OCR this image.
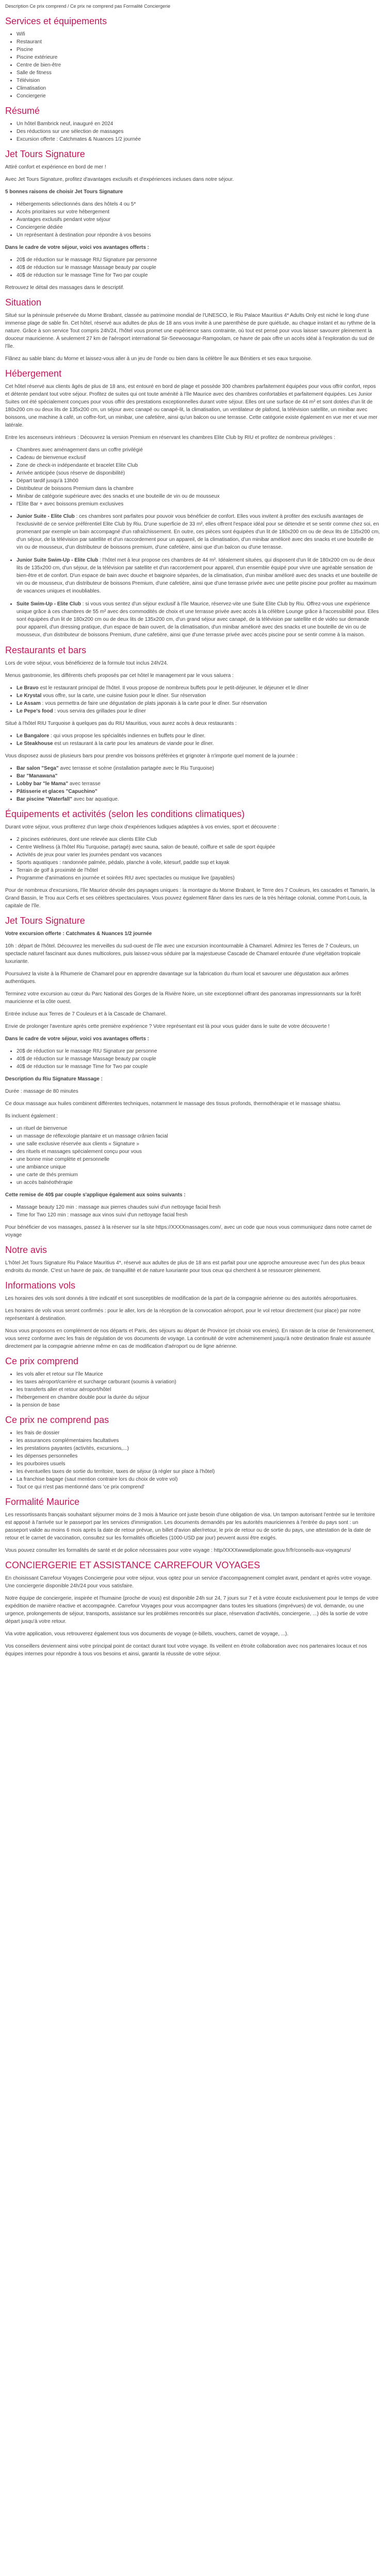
Description Ce prix comprend / Ce prix ne comprend pas Formalité Conciergerie
Services et équipements
• Wifi
• Restaurant
• Piscine
• Piscine extérieure
• Centre de bien-être
• Salle de fitness
• Télévision
• Climatisation
• Conciergerie
Résumé
• Un hôtel Bambrick neuf, inauguré en 2024
• Des réductions sur une sélection de massages
• Excursion offerte : Catchmates & Nuances 1/2 journée
Jet Tours Signature

Attiré confort et expérience en bord de mer !

Avec Jet Tours Signature, profitez d'avantages exclusifs et d'expériences incluses dans notre séjour.

5 bonnes raisons de choisir Jet Tours Signature

• Hébergements sélectionnés dans des hôtels 4 ou 5*
• Accès prioritaires sur votre hébergement
• Avantages exclusifs pendant votre séjour
• Conciergerie dédiée
• Un représentant à destination pour répondre à vos besoins

Dans le cadre de votre séjour, voici vos avantages offerts :

• 20$ de réduction sur le massage RIU Signature par personne
• 40$ de réduction sur le massage Massage beauty par couple
• 40$ de réduction sur le massage Time for Two par couple

Retrouvez le détail des massages dans le descriptif.

Situation

Situé sur la péninsule préservée du Morne Brabant, classée au patrimoine mondial de l'UNESCO, le Riu Palace Mauritius 4* Adults Only est niché le long d'une immense plage de sable fin. Cet hôtel, réservé aux adultes de plus de 18 ans vous invite à une parenthèse de pure quiétude, au chaque instant et au rythme de la nature. Grâce à son service Tout compris 24h/24, l'hôtel vous promet une expérience sans contrainte, où tout est pensé pour vous laisser savourer pleinement la douceur mauricienne. À seulement 27 km de l'aéroport international Sir-Seewoosagur-Ramgoolam, ce havre de paix offre un accès idéal à l'exploration du sud de l'île.

Flânez au sable blanc du Morne et laissez-vous aller à un jeu de l'onde ou bien dans la célèbre Île aux Bénitiers et ses eaux turquoise.

Hébergement

Cet hôtel réservé aux clients âgés de plus de 18 ans, est entouré en bord de plage et possède 300 chambres parfaitement équipées pour vous offrir confort, repos et détente pendant tout votre séjour. Profitez de suites qui ont toute aménité à l'île Maurice avec des chambres confortables et parfaitement équipées. Les Junior Suites ont été spécialement conçues pour vous offrir des prestations exceptionnelles durant votre séjour. Elles ont une surface de 44 m² et sont dotées d'un lit de 180x200 cm ou deux lits de 135x200 cm, un séjour avec canapé ou canapé-lit, la climatisation, un ventilateur de plafond, la télévision satellite, un minibar avec boissons, une machine à café, un coffre-fort, un minibar, une cafetière, ainsi qu'un balcon ou une terrasse. Cette catégorie existe également en vue mer et vue mer latérale.

Entre les ascenseurs intérieurs : Découvrez la version Premium en réservant les chambres Elite Club by RIU et profitez de nombreux privilèges :

• Chambres avec aménagement dans un coffre privilégié
• Cadeau de bienvenue exclusif
• Zone de check-in indépendante et bracelet Elite Club
• Arrivée anticipée (sous réserve de disponibilité)
• Départ tardif jusqu'à 13h00
• Distributeur de boissons Premium dans la chambre
• Minibar de catégorie supérieure avec des snacks et une bouteille de vin ou de mousseux
• l'Elite Bar + avec boissons premium exclusives
• Junior Suite - Elite Club : ces chambres sont parfaites pour pouvoir vous bénéficier de confort. Elles vous invitent à profiter des exclusifs avantages de l'exclusivité de ce service préférentiel Elite Club by Riu. D'une superficie de 33 m², elles offrent l'espace idéal pour se détendre et se sentir comme chez soi, en promenant par exemple un bain accompagné d'un rafraîchissement. En outre, ces pièces sont équipées d'un lit de 180x200 cm ou de deux lits de 135x200 cm, d'un séjour, de la télévision par satellite et d'un raccordement pour un appareil, de la climatisation, d'un minibar amélioré avec des snacks et une bouteille de vin ou de mousseux, d'un distributeur de boissons premium, d'une cafetière, ainsi que d'un balcon ou d'une terrasse.
• Junior Suite Swim-Up - Elite Club : l'hôtel met à leur propose ces chambres de 44 m². Idéalement situées, qui disposent d'un lit de 180x200 cm ou de deux lits de 135x200 cm, d'un séjour, de la télévision par satellite et d'un raccordement pour appareil, d'un ensemble équipé pour vivre une agréable sensation de bien-être et de confort. D'un espace de bain avec douche et baignoire séparées, de la climatisation, d'un minibar amélioré avec des snacks et une bouteille de vin ou de mousseux, d'un distributeur de boissons Premium, d'une cafetière, ainsi que d'une terrasse privée avec une petite piscine pour profiter au maximum de vacances uniques et inoubliables.
• Suite Swim-Up - Elite Club : si vous vous sentez d'un séjour exclusif à l'île Maurice, réservez-vite une Suite Elite Club by Riu. Offrez-vous une expérience unique grâce à ces chambres de 55 m² avec des commodités de choix et une terrasse privée avec accès à la célèbre Lounge grâce à l'accessibilité pour. Elles sont équipées d'un lit de 180x200 cm ou de deux lits de 135x200 cm, d'un grand séjour avec canapé, de la télévision par satellite et de vidéo sur demande pour appareil, d'un dressing pratique, d'un espace de bain ouvert, de la climatisation, d'un minibar amélioré avec des snacks et une bouteille de vin ou de mousseux, d'un distributeur de boissons Premium, d'une cafetière, ainsi que d'une terrasse privée avec accès piscine pour se sentir comme à la maison.
Restaurants et bars

Lors de votre séjour, vous bénéficierez de la formule tout inclus 24h/24.

Menus gastronomie, les différents chefs proposés par cet hôtel le management par le vous saluera :

• Le Bravo est le restaurant principal de l'hôtel. Il vous propose de nombreux buffets pour le petit-déjeuner, le déjeuner et le dîner
• Le Krystal vous offre, sur la carte, une cuisine fusion pour le dîner. Sur réservation
• Le Assam : vous permettra de faire une dégustation de plats japonais à la carte pour le dîner. Sur réservation
• Le Pepe's food : vous servira des grillades pour le dîner

Situé à l'hôtel RIU Turquoise à quelques pas du RIU Mauritius, vous aurez accès à deux restaurants :

• Le Bangalore : qui vous propose les spécialités indiennes en buffets pour le dîner.
• Le Steakhouse est un restaurant à la carte pour les amateurs de viande pour le dîner.

Vous disposez aussi de plusieurs bars pour prendre vos boissons préférées et grignoter à n'importe quel moment de la journée :

• Bar salon "Sega" avec terrasse et scène (installation partagée avec le Riu Turquoise)
• Bar "Manawana"
• Lobby bar "le Mama" avec terrasse
• Pâtisserie et glaces "Capuchino"
• Bar piscine "Waterfall" avec bar aquatique.
Équipements et activités (selon les conditions climatiques)

Durant votre séjour, vous profiterez d'un large choix d'expériences ludiques adaptées à vos envies, sport et découverte :

• 2 piscines extérieures, dont une relevée aux clients Elite Club
• Centre Wellness (à l'hôtel Riu Turquoise, partagé) avec sauna, salon de beauté, coiffure et salle de sport équipée
• Activités de jeux pour varier les journées pendant vos vacances
• Sports aquatiques : randonnée palmée, pédalo, planche à voile, kitesurf, paddle sup et kayak
• Terrain de golf à proximité de l'hôtel
• Programme d'animations en journée et soirées RIU avec spectacles ou musique live (payables)

Pour de nombreux d'excursions, l'île Maurice dévoile des paysages uniques : la montagne du Morne Brabant, le Terre des 7 Couleurs, les cascades et Tamarin, la Grand Bassin, le Trou aux Cerfs et ses célèbres spectaculaires. Vous pouvez également flâner dans les rues de la très héritage colonial, comme Port-Louis, la capitale de l'île.

Jet Tours Signature

Votre excursion offerte : Catchmates & Nuances 1/2 journée

10h : départ de l'hôtel. Découvrez les merveilles du sud-ouest de l'île avec une excursion incontournable à Chamarel. Admirez les Terres de 7 Couleurs, un spectacle naturel fascinant aux dunes multicolores, puis laissez-vous séduire par la majestueuse Cascade de Chamarel entourée d'une végétation tropicale luxuriante.

Poursuivez la visite à la Rhumerie de Chamarel pour en apprendre davantage sur la fabrication du rhum local et savourer une dégustation aux arômes authentiques.

Terminez votre excursion au cœur du Parc National des Gorges de la Rivière Noire, un site exceptionnel offrant des panoramas impressionnants sur la forêt mauricienne et la côte ouest.

Entrée incluse aux Terres de 7 Couleurs et à la Cascade de Chamarel.

Envie de prolonger l'aventure après cette première expérience ? Votre représentant est là pour vous guider dans le suite de votre découverte !

Dans le cadre de votre séjour, voici vos avantages offerts :

• 20$ de réduction sur le massage RIU Signature par personne
• 40$ de réduction sur le massage Massage beauty par couple
• 40$ de réduction sur le massage Time for Two par couple

Description du Riu Signature Massage :

Durée : massage de 80 minutes

Ce doux massage aux huiles combinent différentes techniques, notamment le massage des tissus profonds, thermothérapie et le massage shiatsu.

Ils incluent également :

• un rituel de bienvenue
• un massage de réflexologie plantaire et un massage crânien facial
• une salle exclusive réservée aux clients « Signature »
• des rituels et massages spécialement conçu pour vous
• une bonne mise complète et personnelle
• une ambiance unique
• une carte de thés premium
• un accès balnéothérapie

Cette remise de 40$ par couple s'applique également aux soins suivants :

• Massage beauty 120 min : massage aux pierres chaudes suivi d'un nettoyage facial fresh
• Time for Two 120 min : massage aux vinos suivi d'un nettoyage facial fresh

Pour bénéficier de vos massages, passez à la réserver sur la site https://XXXXmassages.com/, avec un code que nous vous communiquez dans notre carnet de voyage

Notre avis

L'hôtel Jet Tours Signature Riu Palace Mauritius 4*, réservé aux adultes de plus de 18 ans est parfait pour une approche amoureuse avec l'un des plus beaux endroits du monde. C'est un havre de paix, de tranquillité et de nature luxuriante pour tous ceux qui cherchent à se ressourcer pleinement.

Informations vols

Les horaires des vols sont donnés à titre indicatif et sont susceptibles de modification de la part de la compagnie aérienne ou des autorités aéroportuaires.

Les horaires de vols vous seront confirmés : pour le aller, lors de la réception de la convocation aéroport, pour le vol retour directement (sur place) par notre représentant à destination.

Nous vous proposons en complément de nos départs et Paris, des séjours au départ de Province (et choisir vos envies). En raison de la crise de l'environnement, vous serez conforme avec les frais de régulation de vos documents de voyage. La continuité de votre acheminement jusqu'à notre destination finale est assurée directement par la compagnie aérienne même en cas de modification d'aéroport ou de ligne aérienne.

Ce prix comprend
• les vols aller et retour sur l'île Maurice
• les taxes aéroport/carrière et surcharge carburant (soumis à variation)
• les transferts aller et retour aéroport/hôtel
• l'hébergement en chambre double pour la durée du séjour
• la pension de base
Ce prix ne comprend pas
• les frais de dossier
• les assurances complémentaires facultatives
• les prestations payantes (activités, excursions,...)
• les dépenses personnelles
• les pourboires usuels
• les éventuelles taxes de sortie du territoire, taxes de séjour (à régler sur place à l'hôtel)
• La franchise bagage (saut mention contraire lors du choix de votre vol)
• Tout ce qui n'est pas mentionné dans 'ce prix comprend'
Formalité Maurice

Les ressortissants français souhaitant séjourner moins de 3 mois à Maurice ont juste besoin d'une obligation de visa. Un tampon autorisant l'entrée sur le territoire est apposé à l'arrivée sur le passeport par les services d'immigration. Les documents demandés par les autorités mauriciennes à l'entrée du pays sont : un passeport valide au moins 6 mois après la date de retour prévue, un billet d'avion aller/retour, le prix de retour ou de sortie du pays, une attestation de la date de retour et le carnet de vaccination, consultez sur les formalités officielles (1000-USD par jour) peuvent aussi être exigés.

Vous pouvez consulter les formalités de santé et de police nécessaires pour votre voyage : http/XXXXwwwdiplomatie.gouv.fr/fr/conseils-aux-voyageurs/

CONCIERGERIE ET ASSISTANCE CARREFOUR VOYAGES

En choisissant Carrefour Voyages Conciergerie pour votre séjour, vous optez pour un service d'accompagnement complet avant, pendant et après votre voyage. Une conciergerie disponible 24h/24 pour vous satisfaire.

Notre équipe de conciergerie, inspirée et l'humaine (proche de vous) est disponible 24h sur 24, 7 jours sur 7 et à votre écoute exclusivement pour le temps de votre expédition de manière réactive et accompagnée. Carrefour Voyages pour vous accompagner dans toutes les situations (imprévues) de vol, demande, ou une urgence, prolongements de séjour, transports, assistance sur les problèmes rencontrés sur place, réservation d'activités, conciergerie, ...) dès la sortie de votre départ jusqu'à votre retour.

Via votre application, vous retrouverez également tous vos documents de voyage (e-billets, vouchers, carnet de voyage, ...).

Vos conseillers deviennent ainsi votre principal point de contact durant tout votre voyage. Ils veillent en étroite collaboration avec nos partenaires locaux et nos équipes internes pour répondre à tous vos besoins et ainsi, garantir la réussite de votre séjour.
